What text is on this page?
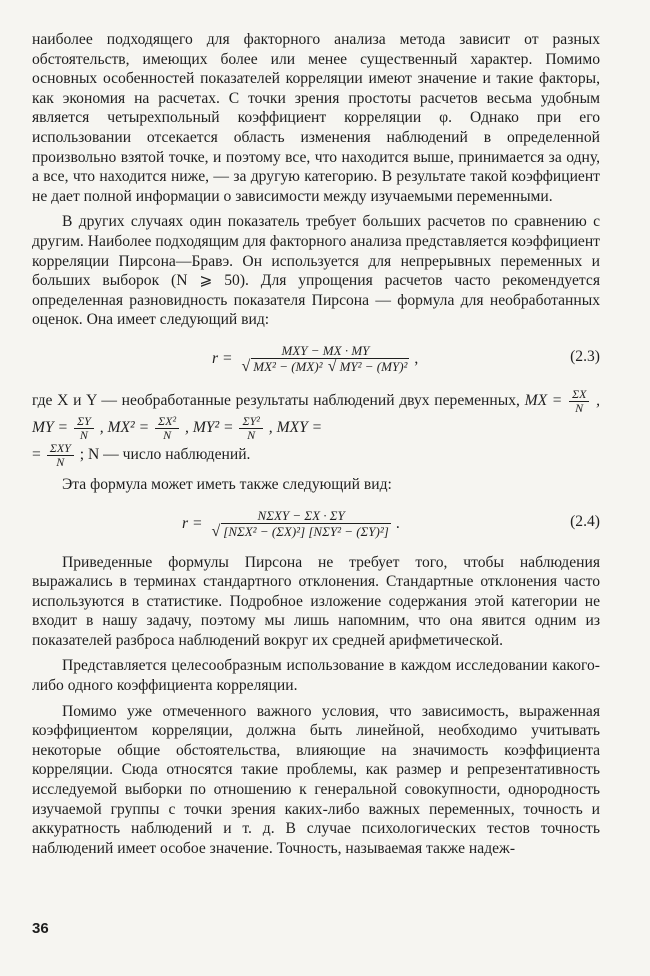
наиболее подходящего для факторного анализа метода зависит от разных обстоятельств, имеющих более или менее существенный характер. Помимо основных особенностей показателей корреляции имеют значение и такие факторы, как экономия на расчетах. С точки зрения простоты расчетов весьма удобным является четырехпольный коэффициент корреляции φ. Однако при его использовании отсекается область изменения наблюдений в определенной произвольно взятой точке, и поэтому все, что находится выше, принимается за одну, а все, что находится ниже, — за другую категорию. В результате такой коэффициент не дает полной информации о зависимости между изучаемыми переменными.

В других случаях один показатель требует больших расчетов по сравнению с другим. Наиболее подходящим для факторного анализа представляется коэффициент корреляции Пирсона—Бравэ. Он используется для непрерывных переменных и больших выборок (N ⩾ 50). Для упрощения расчетов часто рекомендуется определенная разновидность показателя Пирсона — формула для необработанных оценок. Она имеет следующий вид:

$r = \frac{\text{MXY − MX · MY}}{\text{√ MX² − (MX)² √ MY² − (MY)²}}$ ,	(2.3)

где X и Y — необработанные результаты наблюдений двух переменных, MX = $\frac{\Sigma X}{N}$ , MY = $\frac{\Sigma Y}{N}$ , $MX^2 = \frac{\text{ΣX²}}{N}$ , $MY^2 = \frac{\text{ΣY²}}{N}$ , MXY =
= $\frac{\text{ΣXY}}{N}$ ; N — число наблюдений.

Эта формула может иметь также следующий вид:

$r = \frac{\text{NΣXY − ΣX · ΣY}}{\text{√ [NΣX² − (ΣX)²] [NΣY² − (ΣY)²]}}$ .	(2.4)

Приведенные формулы Пирсона не требует того, чтобы наблюдения выражались в терминах стандартного отклонения. Стандартные отклонения часто используются в статистике. Подробное изложение содержания этой категории не входит в нашу задачу, поэтому мы лишь напомним, что она явится одним из показателей разброса наблюдений вокруг их средней арифметической.

Представляется целесообразным использование в каждом исследовании какого-либо одного коэффициента корреляции.

Помимо уже отмеченного важного условия, что зависимость, выраженная коэффициентом корреляции, должна быть линейной, необходимо учитывать некоторые общие обстоятельства, влияющие на значимость коэффициента корреляции. Сюда относятся такие проблемы, как размер и репрезентативность исследуемой выборки по отношению к генеральной совокупности, однородность изучаемой группы с точки зрения каких-либо важных переменных, точность и аккуратность наблюдений и т. д. В случае психологических тестов точность наблюдений имеет особое значение. Точность, называемая также надеж-

36
